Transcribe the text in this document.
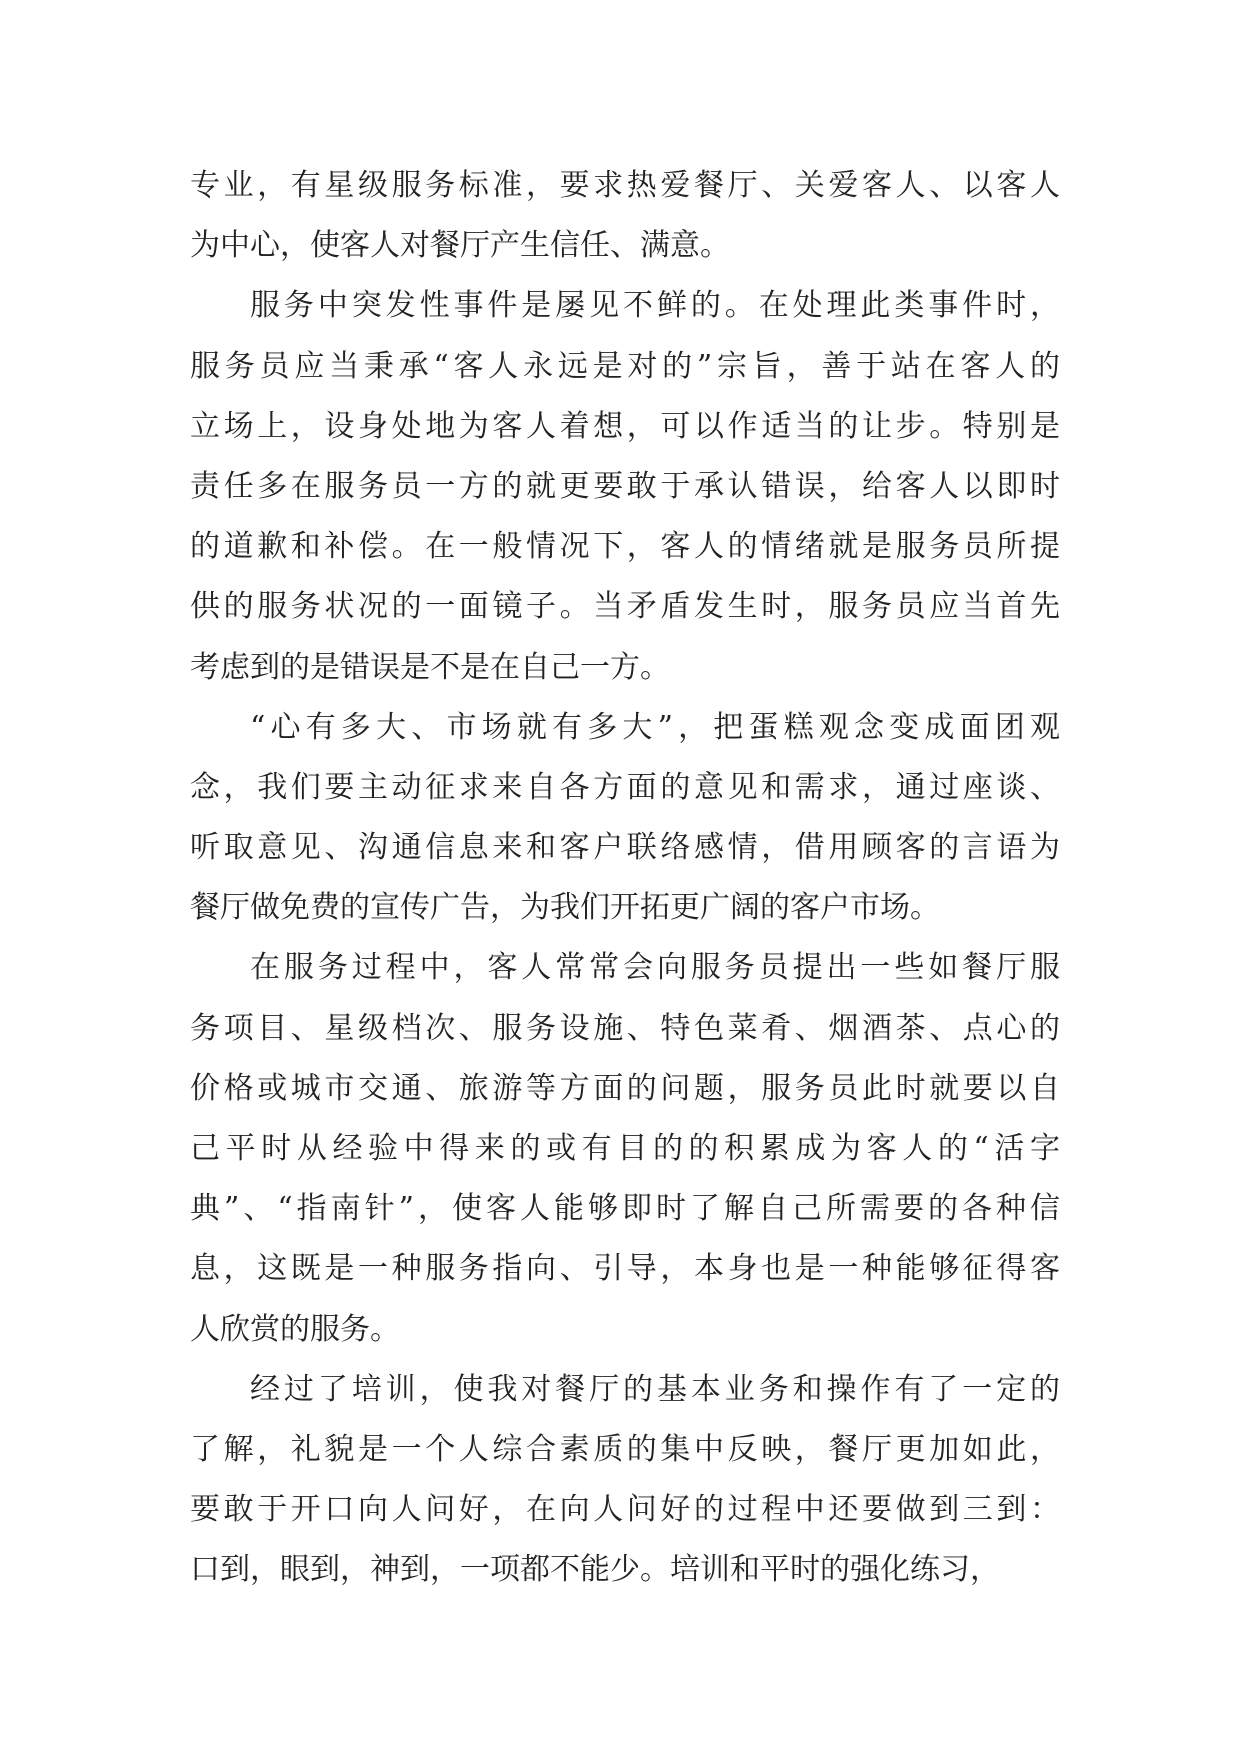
专业，有星级服务标准，要求热爱餐厅、关爱客人、以客人
为中心，使客人对餐厅产生信任、满意。
服务中突发性事件是屡见不鲜的。在处理此类事件时，
服务员应当秉承“客人永远是对的”宗旨，善于站在客人的
立场上，设身处地为客人着想，可以作适当的让步。特别是
责任多在服务员一方的就更要敢于承认错误，给客人以即时
的道歉和补偿。在一般情况下，客人的情绪就是服务员所提
供的服务状况的一面镜子。当矛盾发生时，服务员应当首先
考虑到的是错误是不是在自己一方。
“心有多大、市场就有多大”，把蛋糕观念变成面团观
念，我们要主动征求来自各方面的意见和需求，通过座谈、
听取意见、沟通信息来和客户联络感情，借用顾客的言语为
餐厅做免费的宣传广告，为我们开拓更广阔的客户市场。
在服务过程中，客人常常会向服务员提出一些如餐厅服
务项目、星级档次、服务设施、特色菜肴、烟酒茶、点心的
价格或城市交通、旅游等方面的问题，服务员此时就要以自
己平时从经验中得来的或有目的的积累成为客人的“活字
典”、“指南针”，使客人能够即时了解自己所需要的各种信
息，这既是一种服务指向、引导，本身也是一种能够征得客
人欣赏的服务。
经过了培训，使我对餐厅的基本业务和操作有了一定的
了解，礼貌是一个人综合素质的集中反映，餐厅更加如此，
要敢于开口向人问好，在向人问好的过程中还要做到三到：
口到，眼到，神到，一项都不能少。培训和平时的强化练习，
